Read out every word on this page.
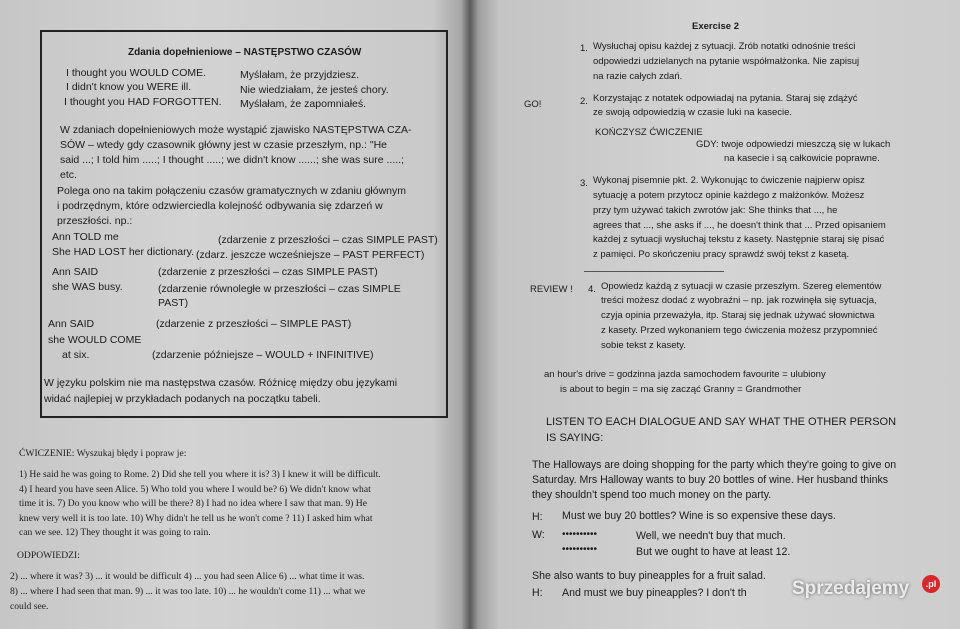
Zdania dopełnieniowe – NASTĘPSTWO CZASÓW
I thought you WOULD COME.	Myślałam, że przyjdziesz.
I didn't know you WERE ill.	Nie wiedziałam, że jesteś chory.
I thought you HAD FORGOTTEN. Myślałam, że zapomniałeś.
W zdaniach dopełnieniowych może wystąpić zjawisko NASTĘPSTWA CZA-
SÓW – wtedy gdy czasownik główny jest w czasie przeszłym, np.: "He
said ...; I told him .....; I thought .....; we didn't know ......; she was sure .....;
etc.
Polega ono na takim połączeniu czasów gramatycznych w zdaniu głównym
i podrzędnym, które odzwierciedla kolejność odbywania się zdarzeń w
przeszłości. np.:
Ann TOLD me	(zdarzenie z przeszłości – czas SIMPLE PAST)
She HAD LOST her dictionary. (zdarz. jeszcze wcześniejsze – PAST PERFECT)
Ann SAID	(zdarzenie z przeszłości – czas SIMPLE PAST)
she WAS busy.	(zdarzenie równoległe w przeszłości – czas SIMPLE
PAST)
Ann SAID	(zdarzenie z przeszłości – SIMPLE PAST)
she WOULD COME
at six.	(zdarzenie późniejsze – WOULD + INFINITIVE)
W języku polskim nie ma następstwa czasów. Różnicę między obu językami
widać najlepiej w przykładach podanych na początku tabeli.
ĆWICZENIE: Wyszukaj błędy i popraw je:
1) He said he was going to Rome. 2) Did she tell you where it is? 3) I knew it will be difficult.
4) I heard you have seen Alice. 5) Who told you where I would be? 6) We didn't know what
time it is. 7) Do you know who will be there? 8) I had no idea where I saw that man. 9) He
knew very well it is too late. 10) Why didn't he tell us he won't come ? 11) I asked him what
can we see. 12) They thought it was going to rain.
ODPOWIEDZI:
2) ... where it was? 3) ... it would be difficult 4) ... you had seen Alice 6) ... what time it was.
8) ... where I had seen that man. 9) ... it was too late. 10) ... he wouldn't come 11) ... what we
could see.
Exercise 2
1. Wysłuchaj opisu każdej z sytuacji. Zrób notatki odnośnie treści
odpowiedzi udzielanych na pytanie współmałżonka. Nie zapisuj
na razie całych zdań.
GO!	2. Korzystając z notatek odpowiadaj na pytania. Staraj się zdążyć
ze swoją odpowiedzią w czasie luki na kasecie.
KOŃCZYSZ ĆWICZENIE
GDY: twoje odpowiedzi mieszczą się w lukach
na kasecie i są całkowicie poprawne.
3. Wykonaj pisemnie pkt. 2. Wykonując to ćwiczenie najpierw opisz
sytuację a potem przytocz opinie każdego z małżonków. Możesz
przy tym używać takich zwrotów jak: She thinks that ..., he
agrees that ..., she asks if ..., he doesn't think that ... Przed opisaniem
każdej z sytuacji wysłuchaj tekstu z kasety. Następnie staraj się pisać
z pamięci. Po skończeniu pracy sprawdź swój tekst z kasetą.
REVIEW ! 4. Opowiedz każdą z sytuacji w czasie przeszłym. Szereg elementów
treści możesz dodać z wyobraźni – np. jak rozwinęła się sytuacja,
czyja opinia przeważyła, itp. Staraj się jednak używać słownictwa
z kasety. Przed wykonaniem tego ćwiczenia możesz przypomnieć
sobie tekst z kasety.
an hour's drive = godzinna jazda samochodem favourite = ulubiony
is about to begin = ma się zacząć Granny = Grandmother
LISTEN TO EACH DIALOGUE AND SAY WHAT THE OTHER PERSON
IS SAYING:
The Halloways are doing shopping for the party which they're going to give on
Saturday. Mrs Halloway wants to buy 20 bottles of wine. Her husband thinks
they shouldn't spend too much money on the party.
H: Must we buy 20 bottles? Wine is so expensive these days.
W: ••••••••••	Well, we needn't buy that much.
••••••••••	But we ought to have at least 12.
She also wants to buy pineapples for a fruit salad.
H: And must we buy pineapples? I don't th Sprzedajemy	.pl
